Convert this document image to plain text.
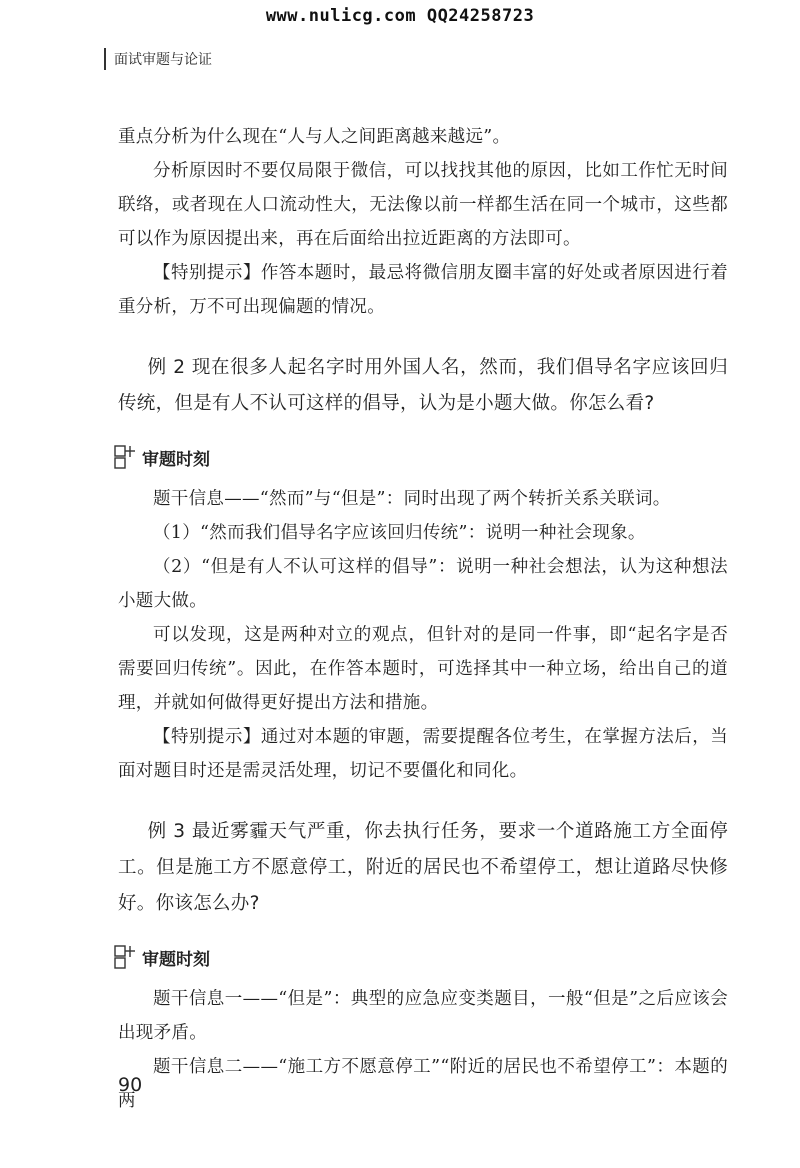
www.nulicg.com QQ24258723
面试审题与论证

重点分析为什么现在“人与人之间距离越来越远”。

分析原因时不要仅局限于微信，可以找找其他的原因，比如工作忙无时间联络，或者现在人口流动性大，无法像以前一样都生活在同一个城市，这些都可以作为原因提出来，再在后面给出拉近距离的方法即可。

【特别提示】作答本题时，最忌将微信朋友圈丰富的好处或者原因进行着重分析，万不可出现偏题的情况。

例 2 现在很多人起名字时用外国人名，然而，我们倡导名字应该回归传统，但是有人不认可这样的倡导，认为是小题大做。你怎么看?

审题时刻

题干信息——“然而”与“但是”：同时出现了两个转折关系关联词。

（1）“然而我们倡导名字应该回归传统”：说明一种社会现象。

（2）“但是有人不认可这样的倡导”：说明一种社会想法，认为这种想法小题大做。

可以发现，这是两种对立的观点，但针对的是同一件事，即“起名字是否需要回归传统”。因此，在作答本题时，可选择其中一种立场，给出自己的道理，并就如何做得更好提出方法和措施。

【特别提示】通过对本题的审题，需要提醒各位考生，在掌握方法后，当面对题目时还是需灵活处理，切记不要僵化和同化。

例 3 最近雾霾天气严重，你去执行任务，要求一个道路施工方全面停工。但是施工方不愿意停工，附近的居民也不希望停工，想让道路尽快修好。你该怎么办?

审题时刻

题干信息一——“但是”：典型的应急应变类题目，一般“但是”之后应该会出现矛盾。

题干信息二——“施工方不愿意停工”“附近的居民也不希望停工”：本题的两

90
